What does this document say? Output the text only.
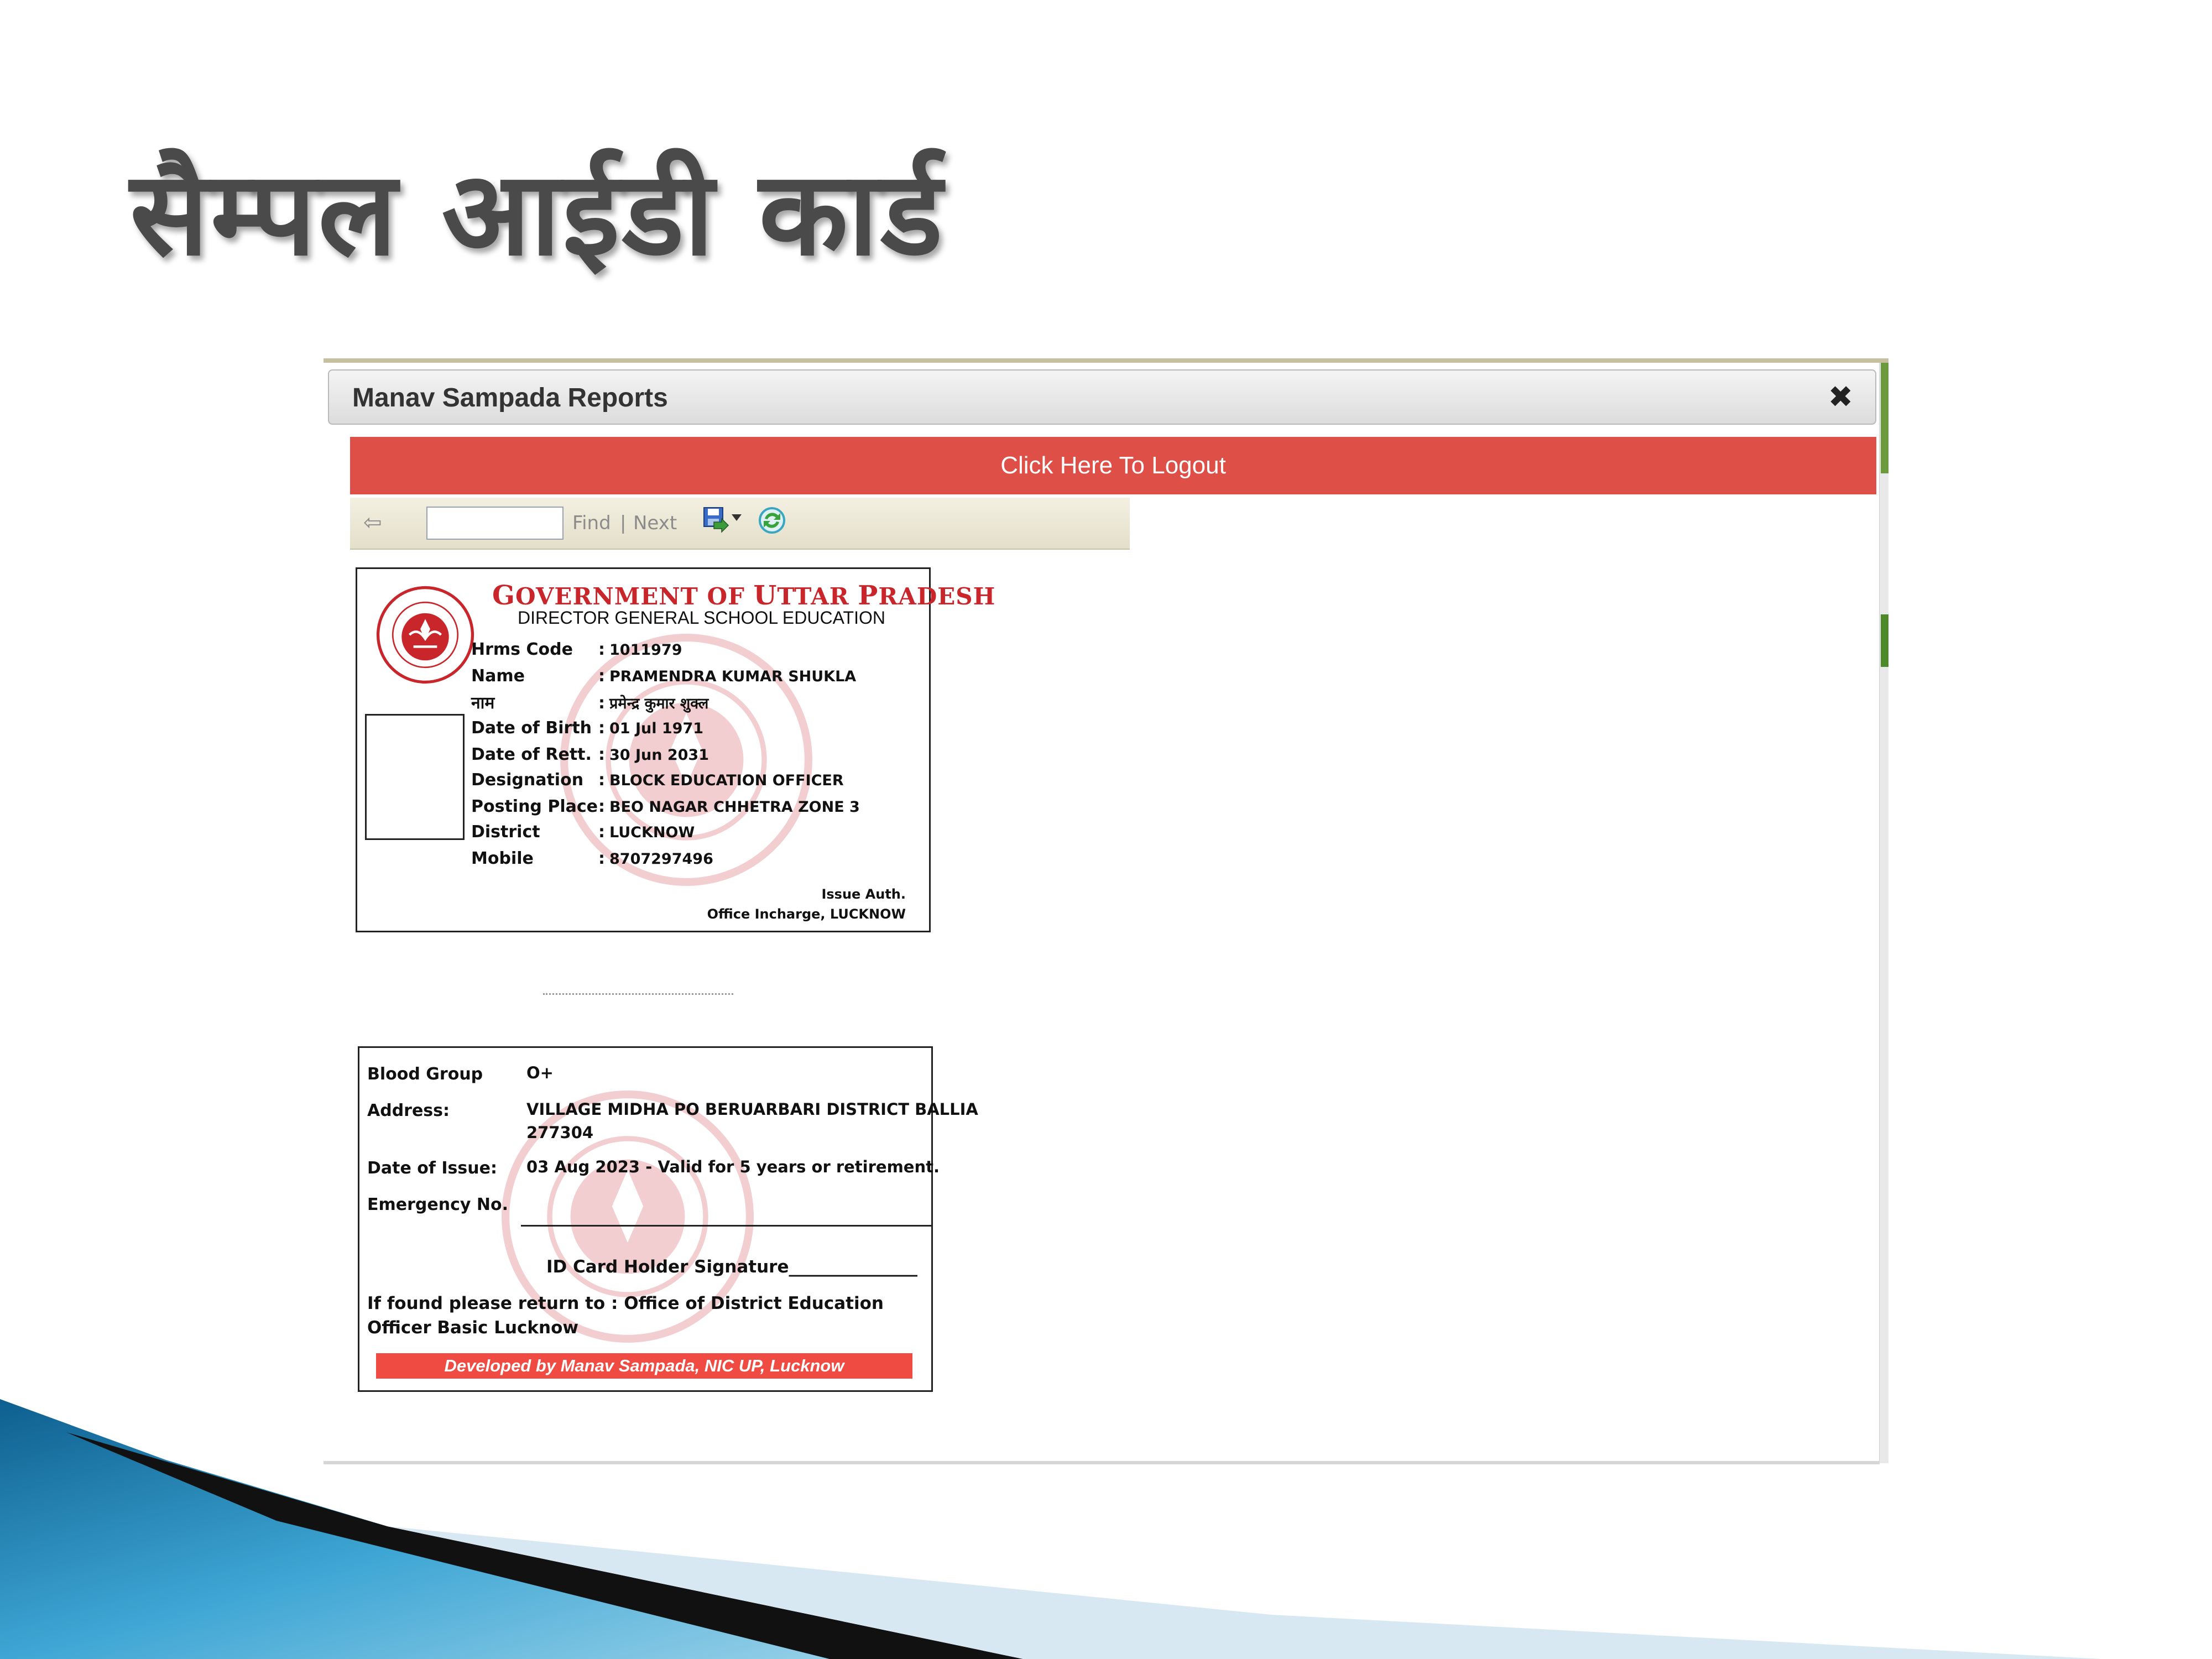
सैम्पल आईडी कार्ड
Manav Sampada Reports	✖
Click Here To Logout
⇦	Find | Next
GOVERNMENT OF UTTAR PRADESH
DIRECTOR GENERAL SCHOOL EDUCATION
Hrms Code : 1011979
Name	: PRAMENDRA KUMAR SHUKLA
नाम	: प्रमेन्द्र कुमार शुक्ल
Date of Birth : 01 Jul 1971
Date of Rett. : 30 Jun 2031
Designation : BLOCK EDUCATION OFFICER
Posting Place: BEO NAGAR CHHETRA ZONE 3
District	: LUCKNOW
Mobile	: 8707297496
Issue Auth.
Office Incharge, LUCKNOW
Blood Group	O+
Address:	VILLAGE MIDHA PO BERUARBARI DISTRICT BALLIA
277304
Date of Issue: 03 Aug 2023 - Valid for 5 years or retirement.
Emergency No.
ID Card Holder Signature_______________
If found please return to : Office of District Education Officer Basic Lucknow
Developed by Manav Sampada, NIC UP, Lucknow
